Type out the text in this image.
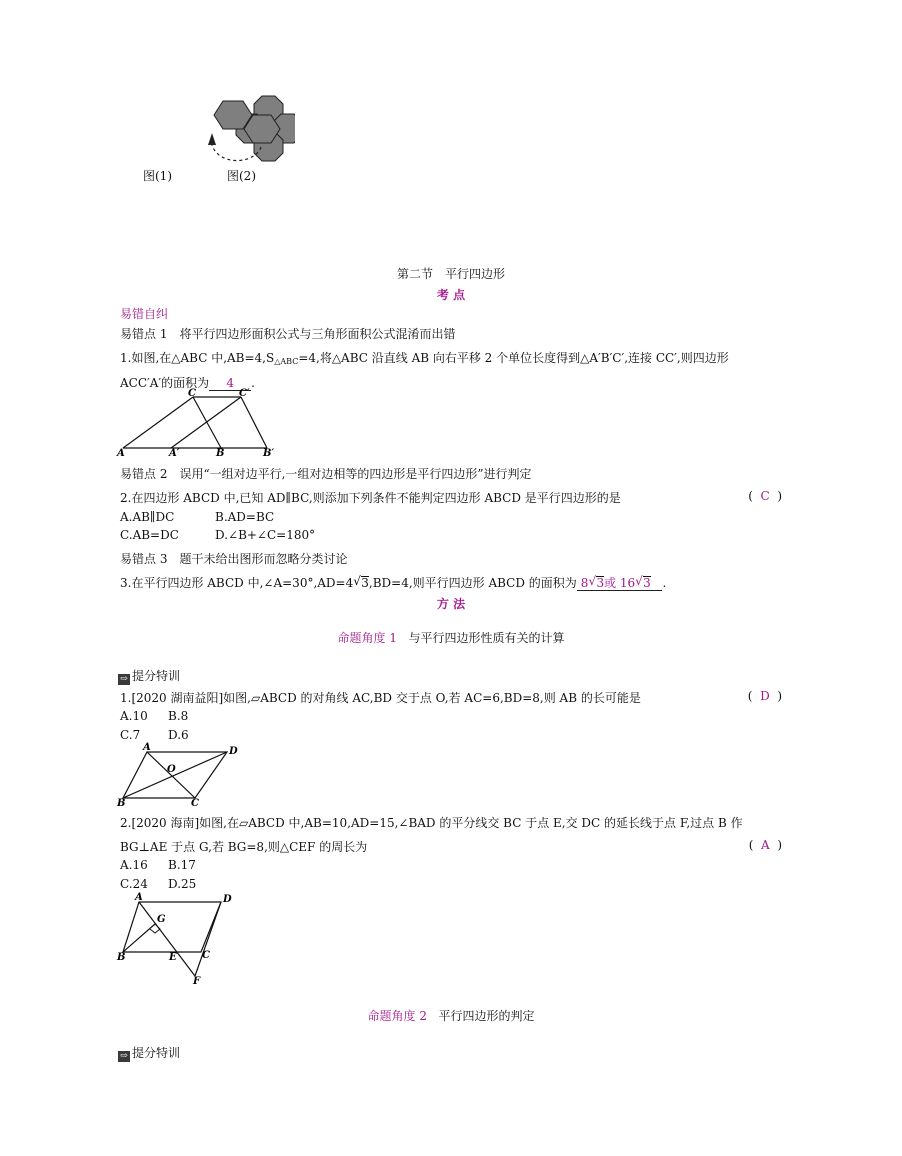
图(1)	图(2)
第二节　平行四边形
考 点
易错自纠
易错点 1　将平行四边形面积公式与三角形面积公式混淆而出错
1.如图,在△ABC 中$,AB=4,S_{\triangle ABC}=4$,将△ABC 沿直线 AB 向右平移 2 个单位长度得到△A′B′C′,连接 CC′,则四边形
ACC′A′的面积为 4 .
A	A′	B	B′
C	C′
易错点 2　误用“一组对边平行,一组对边相等的四边形是平行四边形”进行判定
2.在四边形 ABCD 中,已知 AD∥BC,则添加下列条件不能判定四边形 ABCD 是平行四边形的是	(  C  )
A.AB∥DC	B.AD=BC
C.AB=DC	D.∠B+∠C=180°
易错点 3　题干未给出图形而忽略分类讨论
3.在平行四边形 ABCD 中,∠A=30°,AD=4 √ 3,BD=4,则平行四边形 ABCD 的面积为 8 √ 3或 16 √ 3 .
方 法
命题角度 1 与平行四边形性质有关的计算
⇨ 提分特训
1.[2020 湖南益阳]如图,▱ABCD 的对角线 AC,BD 交于点 O,若 AC=6,BD=8,则 AB 的长可能是	(  D  )
A.10 B.8
C.7 D.6
A	D
B	C
O
2.[2020 海南]如图,在▱ABCD 中,AB=10,AD=15,∠BAD 的平分线交 BC 于点 E,交 DC 的延长线于点 F,过点 B 作
BG⊥AE 于点 G,若 BG=8,则△CEF 的周长为	(  A  )
A.16 B.17
C.24 D.25
A	D
B	C
E
F
G
命题角度 2 平行四边形的判定
⇨ 提分特训
